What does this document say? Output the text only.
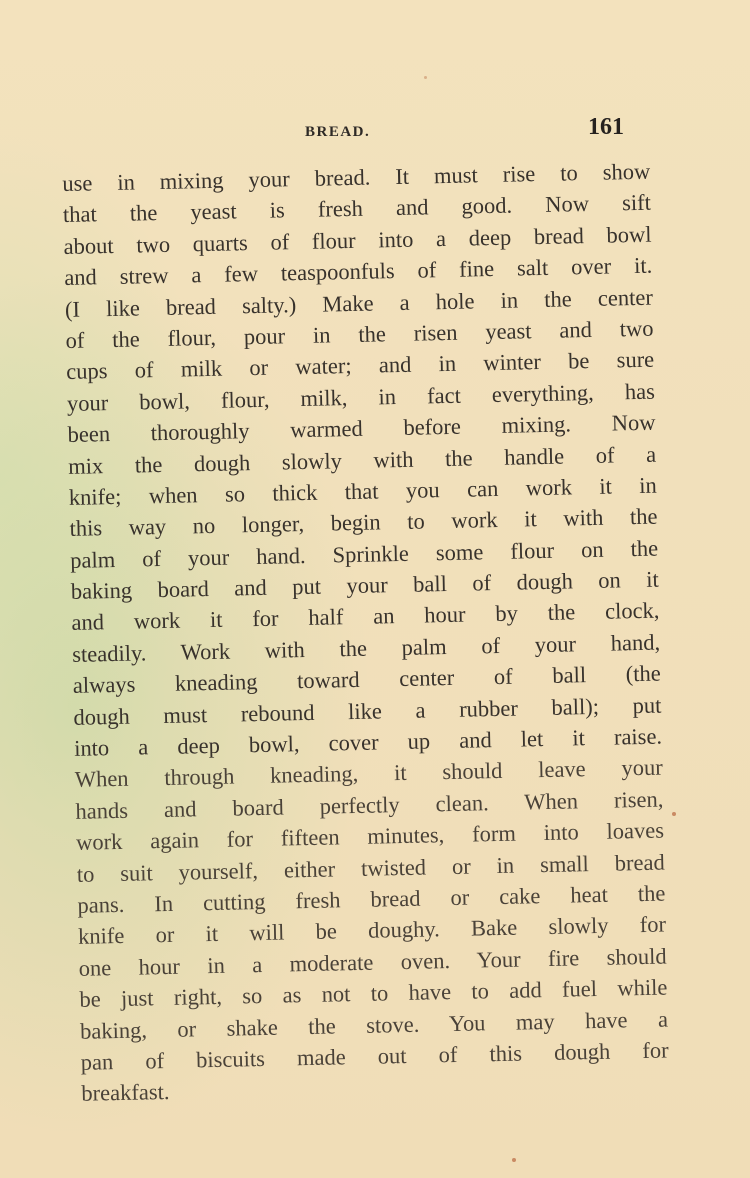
BREAD.	161
use in mixing your bread. It must rise to show
that the yeast is fresh and good. Now sift
about two quarts of flour into a deep bread bowl
and strew a few teaspoonfuls of fine salt over it.
(I like bread salty.) Make a hole in the center
of the flour, pour in the risen yeast and two
cups of milk or water; and in winter be sure
your bowl, flour, milk, in fact everything, has
been thoroughly warmed before mixing. Now
mix the dough slowly with the handle of a
knife; when so thick that you can work it in
this way no longer, begin to work it with the
palm of your hand. Sprinkle some flour on the
baking board and put your ball of dough on it
and work it for half an hour by the clock,
steadily. Work with the palm of your hand,
always kneading toward center of ball (the
dough must rebound like a rubber ball); put
into a deep bowl, cover up and let it raise.
When through kneading, it should leave your
hands and board perfectly clean. When risen,
work again for fifteen minutes, form into loaves
to suit yourself, either twisted or in small bread
pans. In cutting fresh bread or cake heat the
knife or it will be doughy. Bake slowly for
one hour in a moderate oven. Your fire should
be just right, so as not to have to add fuel while
baking, or shake the stove. You may have a
pan of biscuits made out of this dough for
breakfast.
